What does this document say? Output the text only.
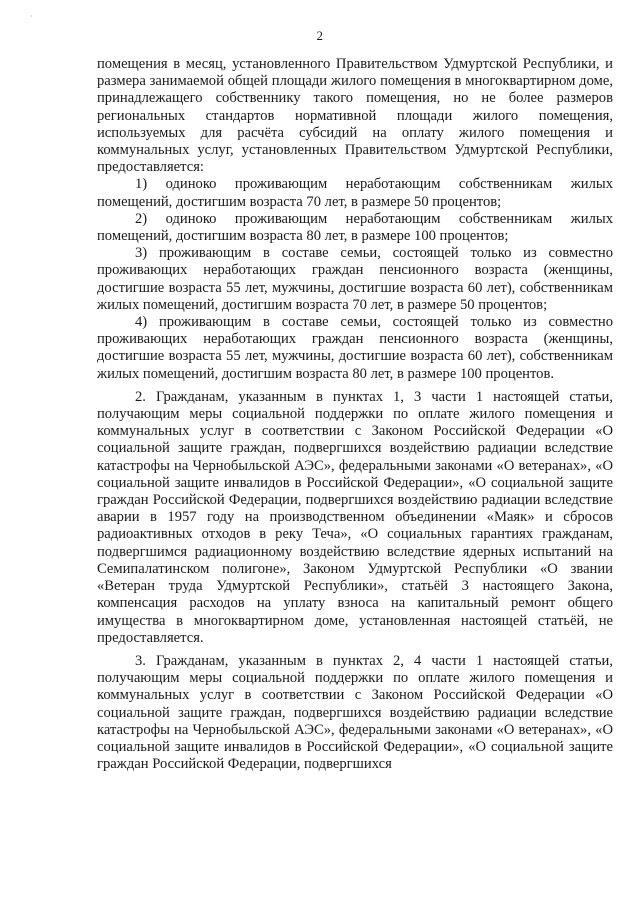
·
2

помещения в месяц, установленного Правительством Удмуртской Республики, и размера занимаемой общей площади жилого помещения в многоквартирном доме, принадлежащего собственнику такого помещения, но не более размеров региональных стандартов нормативной площади жилого помещения, используемых для расчёта субсидий на оплату жилого помещения и коммунальных услуг, установленных Правительством Удмуртской Республики, предоставляется:

1) одиноко проживающим неработающим собственникам жилых помещений, достигшим возраста 70 лет, в размере 50 процентов;

2) одиноко проживающим неработающим собственникам жилых помещений, достигшим возраста 80 лет, в размере 100 процентов;

3) проживающим в составе семьи, состоящей только из совместно проживающих неработающих граждан пенсионного возраста (женщины, достигшие возраста 55 лет, мужчины, достигшие возраста 60 лет), собственникам жилых помещений, достигшим возраста 70 лет, в размере 50 процентов;

4) проживающим в составе семьи, состоящей только из совместно проживающих неработающих граждан пенсионного возраста (женщины, достигшие возраста 55 лет, мужчины, достигшие возраста 60 лет), собственникам жилых помещений, достигшим возраста 80 лет, в размере 100 процентов.

2. Гражданам, указанным в пунктах 1, 3 части 1 настоящей статьи, получающим меры социальной поддержки по оплате жилого помещения и коммунальных услуг в соответствии с Законом Российской Федерации «О социальной защите граждан, подвергшихся воздействию радиации вследствие катастрофы на Чернобыльской АЭС», федеральными законами «О ветеранах», «О социальной защите инвалидов в Российской Федерации», «О социальной защите граждан Российской Федерации, подвергшихся воздействию радиации вследствие аварии в 1957 году на производственном объединении «Маяк» и сбросов радиоактивных отходов в реку Теча», «О социальных гарантиях гражданам, подвергшимся радиационному воздействию вследствие ядерных испытаний на Семипалатинском полигоне», Законом Удмуртской Республики «О звании «Ветеран труда Удмуртской Республики», статьёй 3 настоящего Закона, компенсация расходов на уплату взноса на капитальный ремонт общего имущества в многоквартирном доме, установленная настоящей статьёй, не предоставляется.

3. Гражданам, указанным в пунктах 2, 4 части 1 настоящей статьи, получающим меры социальной поддержки по оплате жилого помещения и коммунальных услуг в соответствии с Законом Российской Федерации «О социальной защите граждан, подвергшихся воздействию радиации вследствие катастрофы на Чернобыльской АЭС», федеральными законами «О ветеранах», «О социальной защите инвалидов в Российской Федерации», «О социальной защите граждан Российской Федерации, подвергшихся
